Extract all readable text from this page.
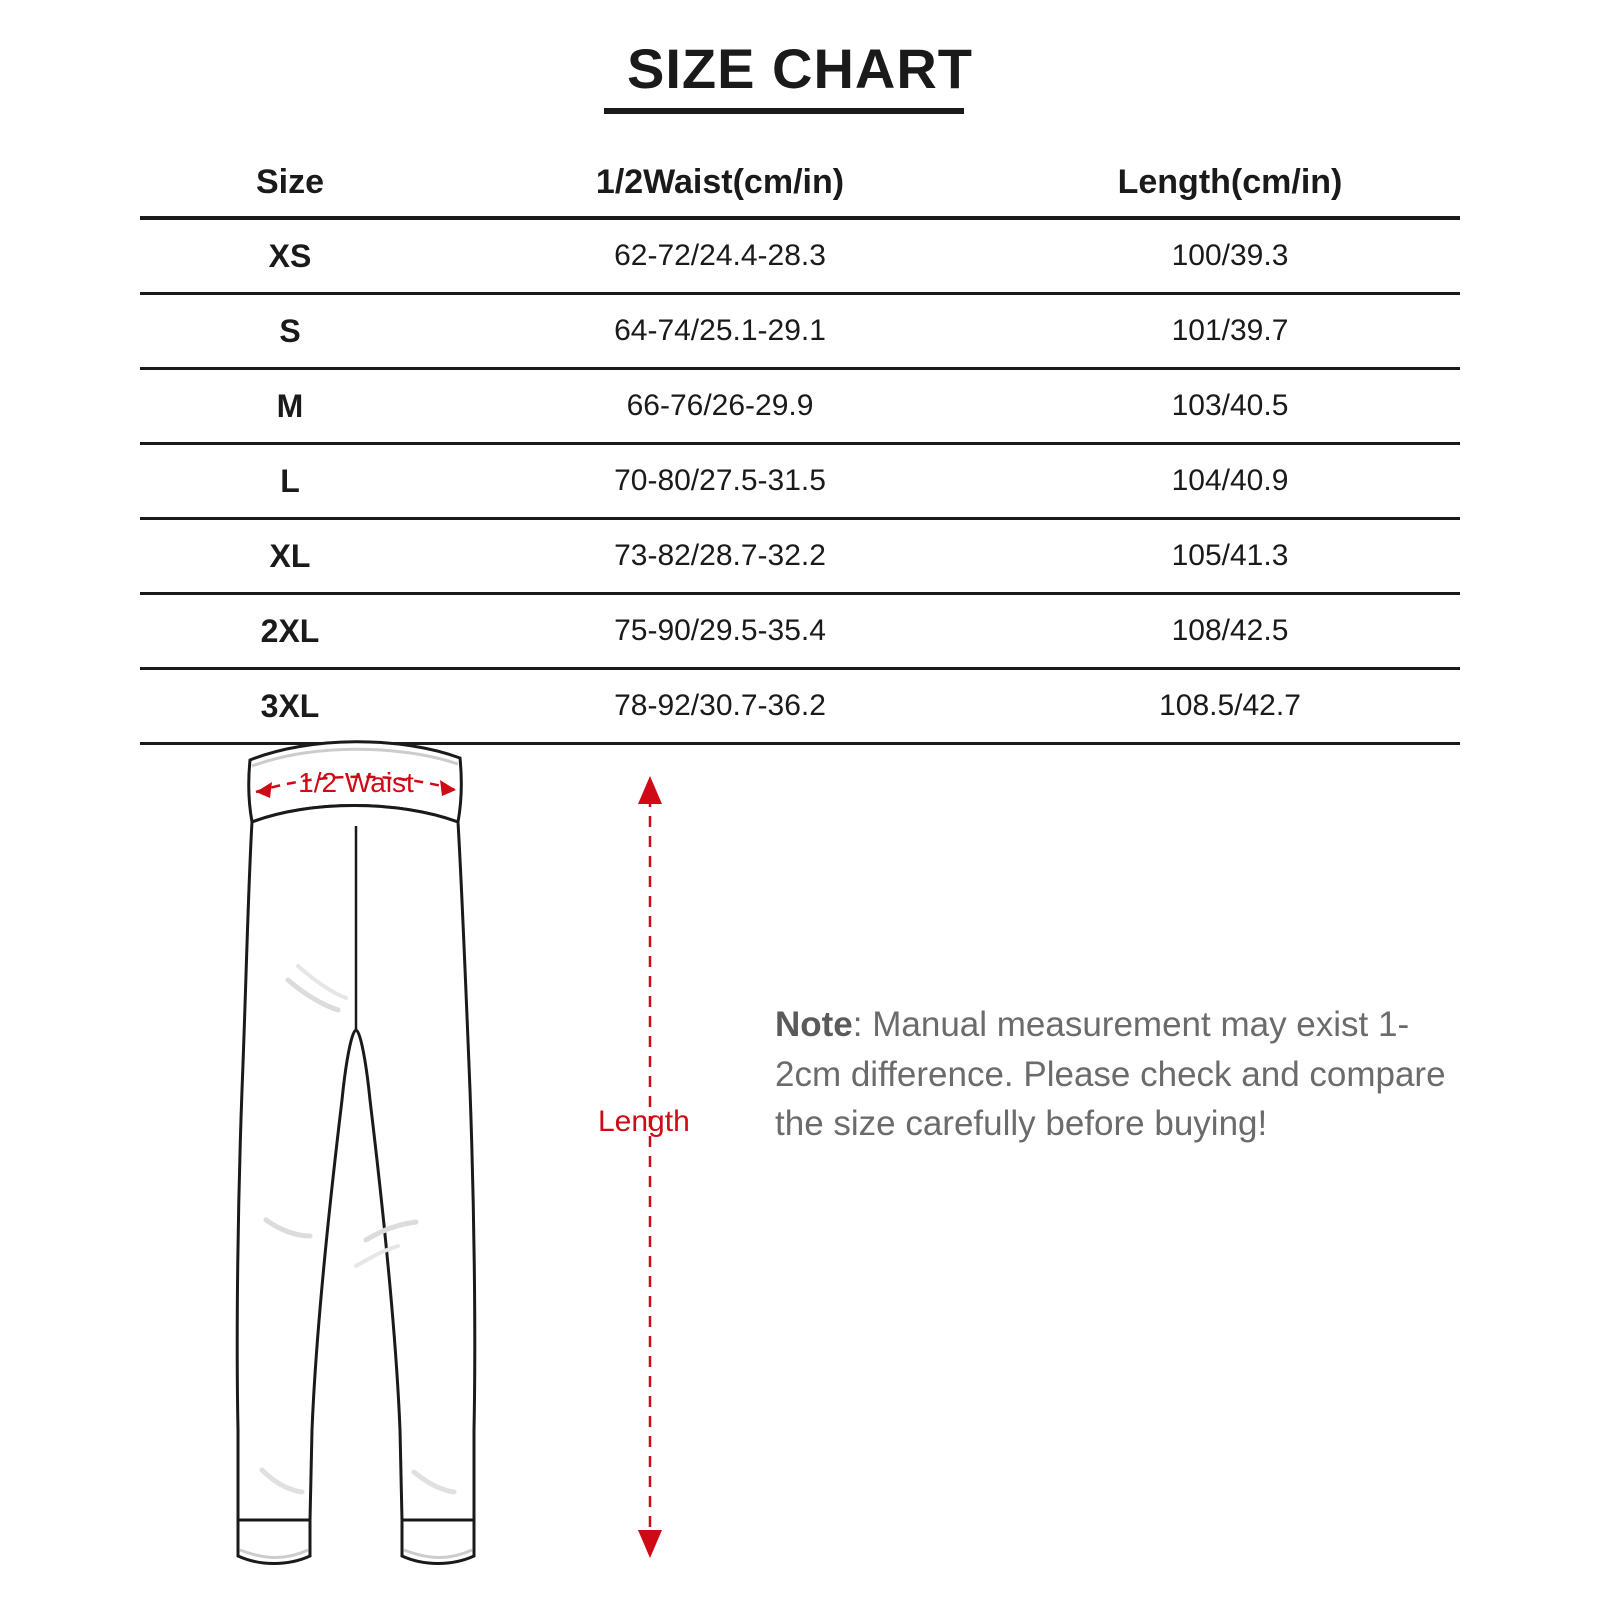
SIZE CHART
Size	1/2Waist(cm/in)	Length(cm/in)
XS	62-72/24.4-28.3	100/39.3
S	64-74/25.1-29.1	101/39.7
M	66-76/26-29.9	103/40.5
L	70-80/27.5-31.5	104/40.9
XL	73-82/28.7-32.2	105/41.3
2XL	75-90/29.5-35.4	108/42.5
3XL	78-92/30.7-36.2	108.5/42.7
1/2 Waist
Length
Note: Manual measurement may exist 1-2cm difference. Please check and compare the size carefully before buying!
